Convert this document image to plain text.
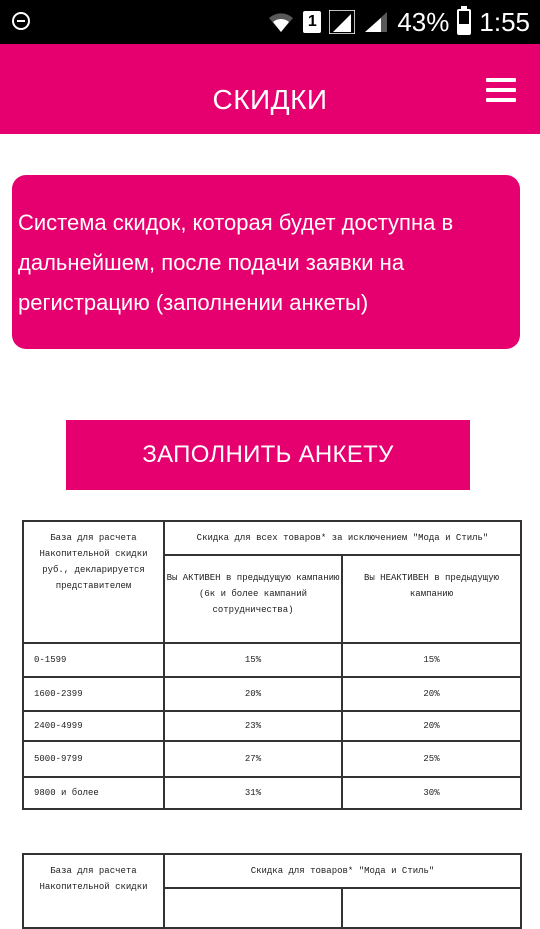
1	43% 1:55
СКИДКИ

Система скидок, которая будет доступна в дальнейшем, после подачи заявки на регистрацию (заполнении анкеты)

ЗАПОЛНИТЬ АНКЕТУ
База для расчета Накопительной скидки руб., декларируется представителем	Скидка для всех товаров* за исключением "Мода и Стиль"	
	Вы АКТИВЕН в предыдущую кампанию (6к и более кампаний сотрудничества)	Вы НЕАКТИВЕН в предыдущую кампанию
0-1599	15%	15%
1600-2399	20%	20%
2400-4999	23%	20%
5000-9799	27%	25%
9800 и более	31%	30%
База для расчета Накопительной скидки	Скидка для товаров* "Мода и Стиль"	
